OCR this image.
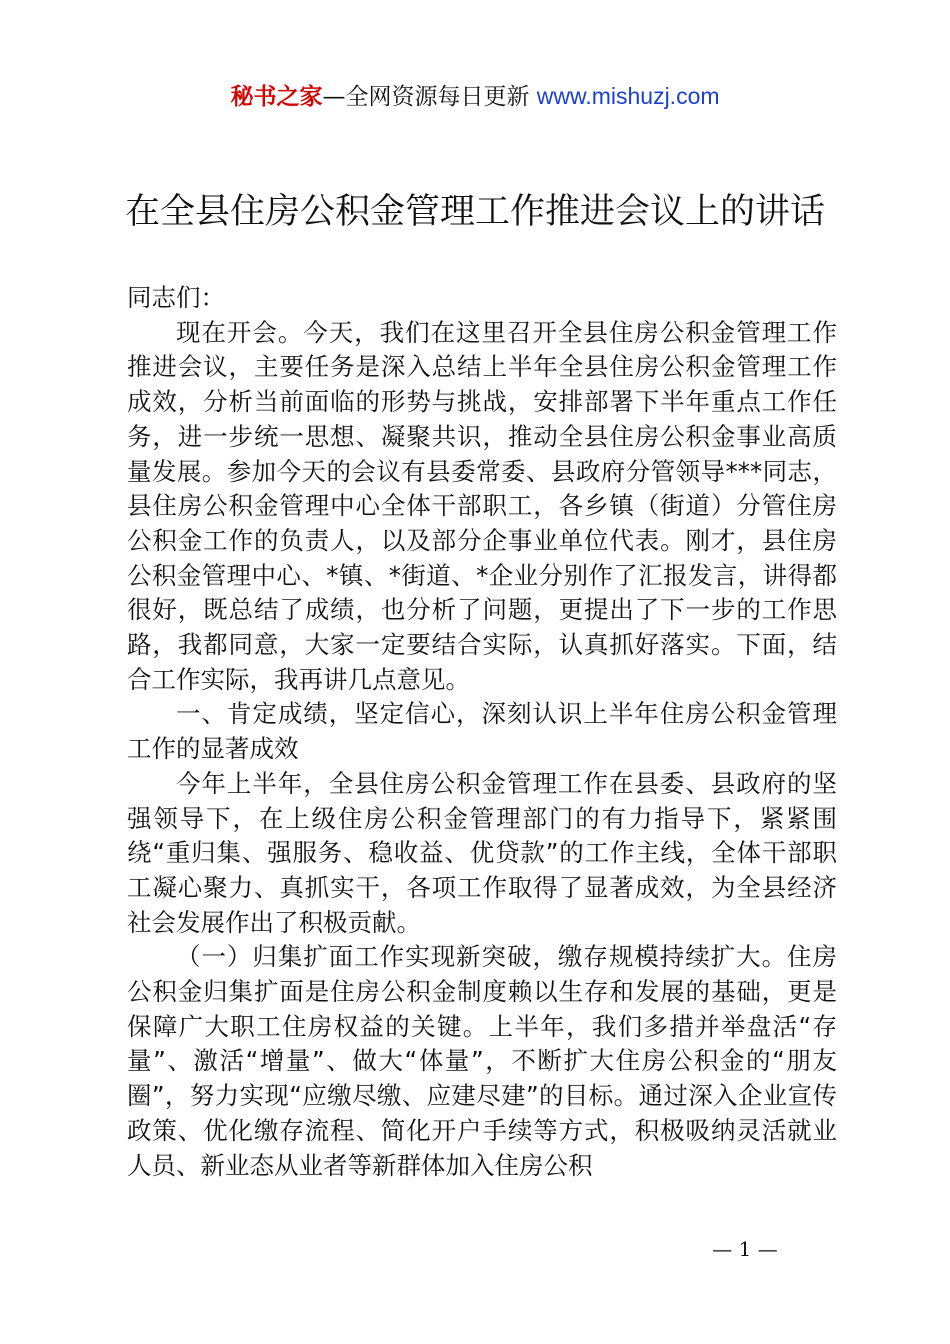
秘书之家—全网资源每日更新 www.mishuzj.com
在全县住房公积金管理工作推进会议上的讲话

同志们：

现在开会。今天，我们在这里召开全县住房公积金管理工作推进会议，主要任务是深入总结上半年全县住房公积金管理工作成效，分析当前面临的形势与挑战，安排部署下半年重点工作任务，进一步统一思想、凝聚共识，推动全县住房公积金事业高质量发展。参加今天的会议有县委常委、县政府分管领导***同志，县住房公积金管理中心全体干部职工，各乡镇（街道）分管住房公积金工作的负责人，以及部分企事业单位代表。刚才，县住房公积金管理中心、*镇、*街道、*企业分别作了汇报发言，讲得都很好，既总结了成绩，也分析了问题，更提出了下一步的工作思路，我都同意，大家一定要结合实际，认真抓好落实。下面，结合工作实际，我再讲几点意见。

一、肯定成绩，坚定信心，深刻认识上半年住房公积金管理工作的显著成效

今年上半年，全县住房公积金管理工作在县委、县政府的坚强领导下，在上级住房公积金管理部门的有力指导下，紧紧围绕“重归集、强服务、稳收益、优贷款”的工作主线，全体干部职工凝心聚力、真抓实干，各项工作取得了显著成效，为全县经济社会发展作出了积极贡献。

（一）归集扩面工作实现新突破，缴存规模持续扩大。住房公积金归集扩面是住房公积金制度赖以生存和发展的基础，更是保障广大职工住房权益的关键。上半年，我们多措并举盘活“存量”、激活“增量”、做大“体量”，不断扩大住房公积金的“朋友圈”，努力实现“应缴尽缴、应建尽建”的目标。通过深入企业宣传政策、优化缴存流程、简化开户手续等方式，积极吸纳灵活就业人员、新业态从业者等新群体加入住房公积

— 1 —
